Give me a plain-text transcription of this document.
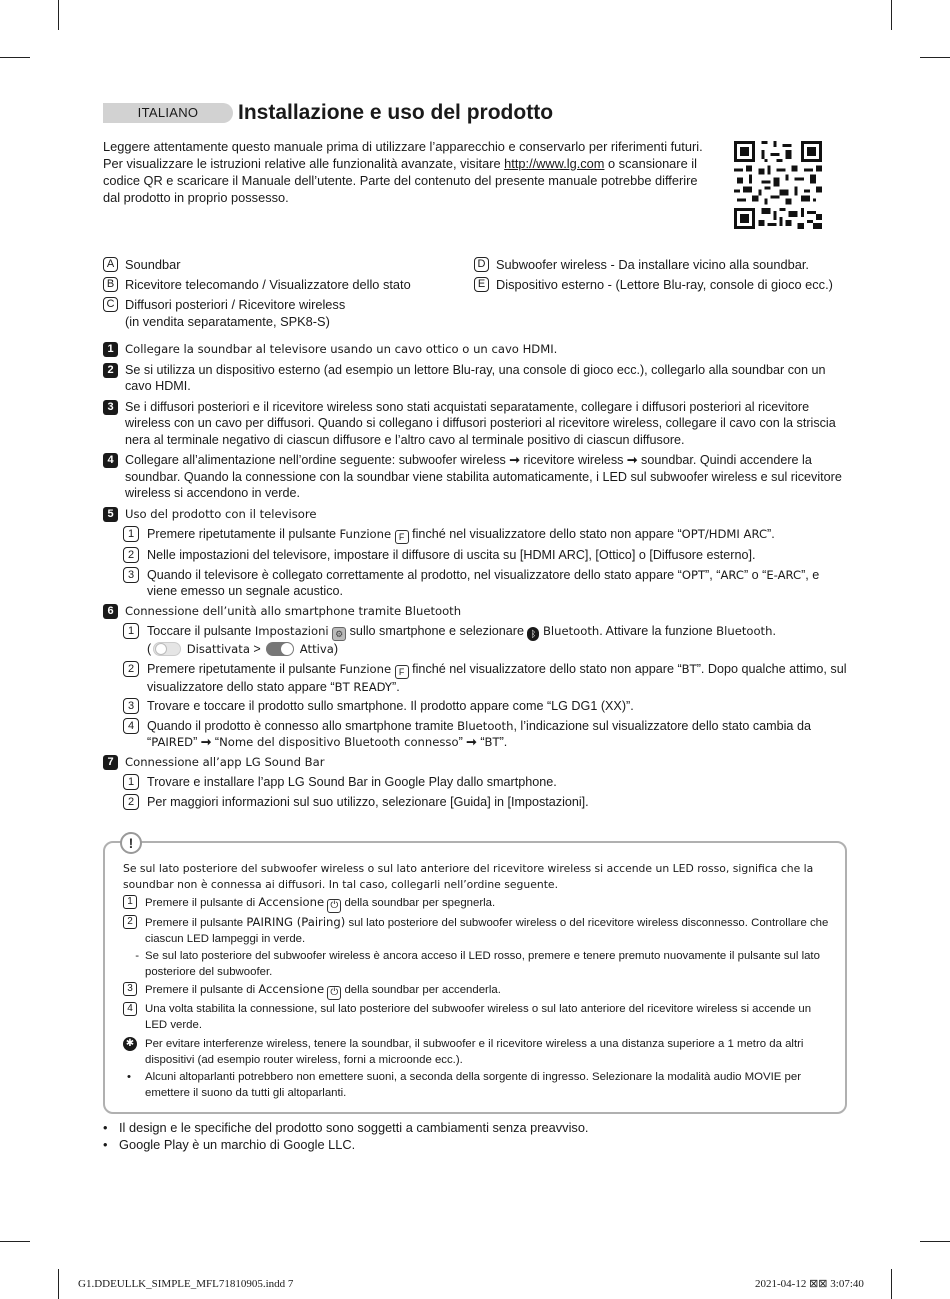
ITALIANO	Installazione e uso del prodotto
Leggere attentamente questo manuale prima di utilizzare l’apparecchio e conservarlo per riferimenti futuri.
Per visualizzare le istruzioni relative alle funzionalità avanzate, visitare http://www.lg.com o scansionare il codice QR e scaricare il Manuale dell’utente. Parte del contenuto del presente manuale potrebbe differire dal prodotto in proprio possesso.
A Soundbar
B Ricevitore telecomando / Visualizzatore dello stato
C Diffusori posteriori / Ricevitore wireless
(in vendita separatamente, SPK8-S)
D Subwoofer wireless - Da installare vicino alla soundbar.
E Dispositivo esterno - (Lettore Blu-ray, console di gioco ecc.)
1 Collegare la soundbar al televisore usando un cavo ottico o un cavo HDMI.
2 Se si utilizza un dispositivo esterno (ad esempio un lettore Blu-ray, una console di gioco ecc.), collegarlo alla soundbar con un cavo HDMI.
3 Se i diffusori posteriori e il ricevitore wireless sono stati acquistati separatamente, collegare i diffusori posteriori al ricevitore wireless con un cavo per diffusori. Quando si collegano i diffusori posteriori al ricevitore wireless, collegare il cavo con la striscia nera al terminale negativo di ciascun diffusore e l’altro cavo al terminale positivo di ciascun diffusore.
4 Collegare all’alimentazione nell’ordine seguente: subwoofer wireless ➞ ricevitore wireless ➞ soundbar. Quindi accendere la soundbar. Quando la connessione con la soundbar viene stabilita automaticamente, i LED sul subwoofer wireless e sul ricevitore wireless si accendono in verde.
5 Uso del prodotto con il televisore
1	Premere ripetutamente il pulsante Funzione F finché nel visualizzatore dello stato non appare “OPT/HDMI ARC”.
2	Nelle impostazioni del televisore, impostare il diffusore di uscita su [HDMI ARC], [Ottico] o [Diffusore esterno].
3	Quando il televisore è collegato correttamente al prodotto, nel visualizzatore dello stato appare “OPT”, “ARC” o “E-ARC”, e viene emesso un segnale acustico.
6 Connessione dell’unità allo smartphone tramite Bluetooth
1	Toccare il pulsante Impostazioni ⚙ sullo smartphone e selezionare ᛒ Bluetooth. Attivare la funzione Bluetooth.
(	Disattivata >	Attiva)
2	Premere ripetutamente il pulsante Funzione F finché nel visualizzatore dello stato non appare “BT”. Dopo qualche attimo, sul visualizzatore dello stato appare “BT READY”.
3	Trovare e toccare il prodotto sullo smartphone. Il prodotto appare come “LG DG1 (XX)”.
4	Quando il prodotto è connesso allo smartphone tramite Bluetooth, l’indicazione sul visualizzatore dello stato cambia da “PAIRED” ➞ “Nome del dispositivo Bluetooth connesso” ➞ “BT”.
7 Connessione all’app LG Sound Bar
1	Trovare e installare l’app LG Sound Bar in Google Play dallo smartphone.
2	Per maggiori informazioni sul suo utilizzo, selezionare [Guida] in [Impostazioni].
!
Se sul lato posteriore del subwoofer wireless o sul lato anteriore del ricevitore wireless si accende un LED rosso, significa che la soundbar non è connessa ai diffusori. In tal caso, collegarli nell’ordine seguente.
1	Premere il pulsante di Accensione ⏻ della soundbar per spegnerla.
2	Premere il pulsante PAIRING (Pairing) sul lato posteriore del subwoofer wireless o del ricevitore wireless disconnesso. Controllare che ciascun LED lampeggi in verde.
- Se sul lato posteriore del subwoofer wireless è ancora acceso il LED rosso, premere e tenere premuto nuovamente il pulsante sul lato posteriore del subwoofer.
3	Premere il pulsante di Accensione ⏻ della soundbar per accenderla.
4	Una volta stabilita la connessione, sul lato posteriore del subwoofer wireless o sul lato anteriore del ricevitore wireless si accende un LED verde.
✱ Per evitare interferenze wireless, tenere la soundbar, il subwoofer e il ricevitore wireless a una distanza superiore a 1 metro da altri dispositivi (ad esempio router wireless, forni a microonde ecc.).
•	Alcuni altoparlanti potrebbero non emettere suoni, a seconda della sorgente di ingresso. Selezionare la modalità audio MOVIE per emettere il suono da tutti gli altoparlanti.
• Il design e le specifiche del prodotto sono soggetti a cambiamenti senza preavviso.
• Google Play è un marchio di Google LLC.
G1.DDEULLK_SIMPLE_MFL71810905.indd 7	2021-04-12 ⊠⊠ 3:07:40
